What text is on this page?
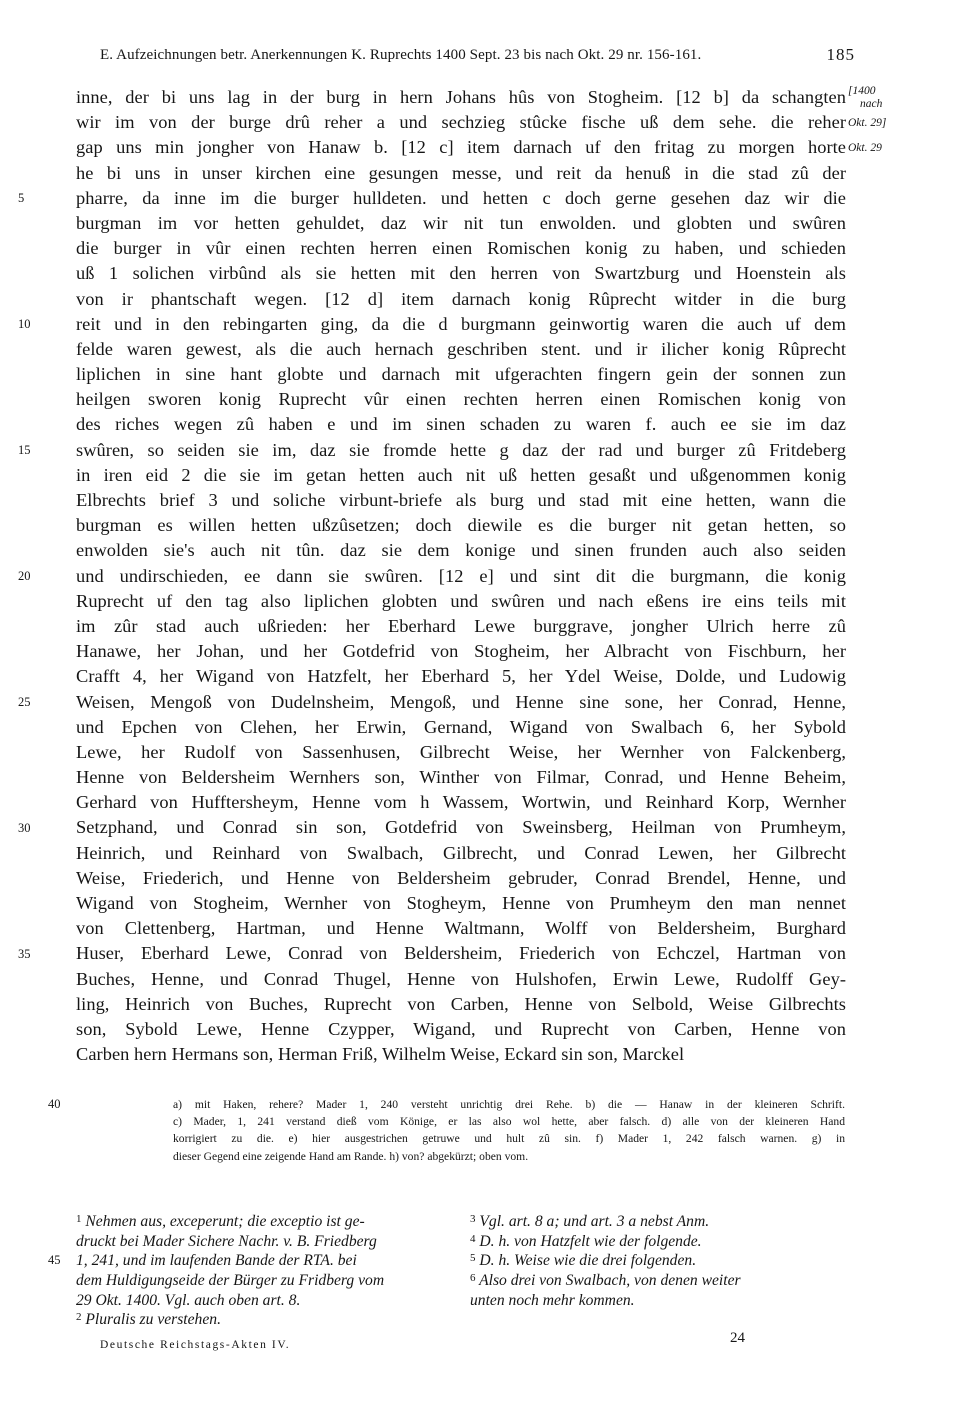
E. Aufzeichnungen betr. Anerkennungen K. Ruprechts 1400 Sept. 23 bis nach Okt. 29 nr. 156-161.	185
5
10
15
20
25
30
35
[1400
nach
Okt. 29]
Okt. 29
inne, der bi uns lag in der burg in hern Johans hûs von Stogheim. [12 b] da schangten
wir im von der burge drû reher a und sechzieg stûcke fische uß dem sehe. die reher
gap uns min jongher von Hanaw b. [12 c] item darnach uf den fritag zu morgen horte
he bi uns in unser kirchen eine gesungen messe, und reit da henuß in die stad zû der
pharre, da inne im die burger hulldeten. und hetten c doch gerne gesehen daz wir die
burgman im vor hetten gehuldet, daz wir nit tun enwolden. und globten und swûren
die burger in vûr einen rechten herren einen Romischen konig zu haben, und schieden
uß 1 solichen virbûnd als sie hetten mit den herren von Swartzburg und Hoenstein als
von ir phantschaft wegen. [12 d] item darnach konig Rûprecht witder in die burg
reit und in den rebingarten ging, da die d burgmann geinwortig waren die auch uf dem
felde waren gewest, als die auch hernach geschriben stent. und ir ilicher konig Rûprecht
liplichen in sine hant globte und darnach mit ufgerachten fingern gein der sonnen zun
heilgen sworen konig Ruprecht vûr einen rechten herren einen Romischen konig von
des riches wegen zû haben e und im sinen schaden zu waren f. auch ee sie im daz
swûren, so seiden sie im, daz sie fromde hette g daz der rad und burger zû Fritdeberg
in iren eid 2 die sie im getan hetten auch nit uß hetten gesaßt und ußgenommen konig
Elbrechts brief 3 und soliche virbunt-briefe als burg und stad mit eine hetten, wann die
burgman es willen hetten ußzûsetzen; doch diewile es die burger nit getan hetten, so
enwolden sie's auch nit tûn. daz sie dem konige und sinen frunden auch also seiden
und undirschieden, ee dann sie swûren. [12 e] und sint dit die burgmann, die konig
Ruprecht uf den tag also liplichen globten und swûren und nach eßens ire eins teils mit
im zûr stad auch ußrieden: her Eberhard Lewe burggrave, jongher Ulrich herre zû
Hanawe, her Johan, und her Gotdefrid von Stogheim, her Albracht von Fischburn, her
Crafft 4, her Wigand von Hatzfelt, her Eberhard 5, her Ydel Weise, Dolde, und Ludowig
Weisen, Mengoß von Dudelnsheim, Mengoß, und Henne sine sone, her Conrad, Henne,
und Epchen von Clehen, her Erwin, Gernand, Wigand von Swalbach 6, her Sybold
Lewe, her Rudolf von Sassenhusen, Gilbrecht Weise, her Wernher von Falckenberg,
Henne von Beldersheim Wernhers son, Winther von Filmar, Conrad, und Henne Beheim,
Gerhard von Hufftersheym, Henne vom h Wassem, Wortwin, und Reinhard Korp, Wernher
Setzphand, und Conrad sin son, Gotdefrid von Sweinsberg, Heilman von Prumheym,
Heinrich, und Reinhard von Swalbach, Gilbrecht, und Conrad Lewen, her Gilbrecht
Weise, Friederich, und Henne von Beldersheim gebruder, Conrad Brendel, Henne, und
Wigand von Stogheim, Wernher von Stogheym, Henne von Prumheym den man nennet
von Clettenberg, Hartman, und Henne Waltmann, Wolff von Beldersheim, Burghard
Huser, Eberhard Lewe, Conrad von Beldersheim, Friederich von Echczel, Hartman von
Buches, Henne, und Conrad Thugel, Henne von Hulshofen, Erwin Lewe, Rudolff Gey-
ling, Heinrich von Buches, Ruprecht von Carben, Henne von Selbold, Weise Gilbrechts
son, Sybold Lewe, Henne Czypper, Wigand, und Ruprecht von Carben, Henne von
Carben hern Hermans son, Herman Friß, Wilhelm Weise, Eckard sin son, Marckel
40
45
a) mit Haken, rehere? Mader 1, 240 versteht unrichtig drei Rehe. b) die — Hanaw in der kleineren Schrift.
c) Mader, 1, 241 verstand dieß vom Könige, er las also wol hette, aber falsch. d) alle von der kleineren Hand
korrigiert zu die. e) hier ausgestrichen getruwe und hult zû sin. f) Mader 1, 242 falsch warnen. g) in
dieser Gegend eine zeigende Hand am Rande. h) von? abgekürzt; oben vom.
$^1$ Nehmen aus, exceperunt; die exceptio ist ge-
druckt bei Mader Sichere Nachr. v. B. Friedberg
1, 241, und im laufenden Bande der RTA. bei
dem Huldigungseide der Bürger zu Fridberg vom
29 Okt. 1400. Vgl. auch oben art. 8.
$^2$ Pluralis zu verstehen.
$^3$ Vgl. art. 8 a; und art. 3 a nebst Anm.
$^4$ D. h. von Hatzfelt wie der folgende.
$^5$ D. h. Weise wie die drei folgenden.
$^6$ Also drei von Swalbach, von denen weiter
unten noch mehr kommen.
Deutsche Reichstags-Akten IV.	24
